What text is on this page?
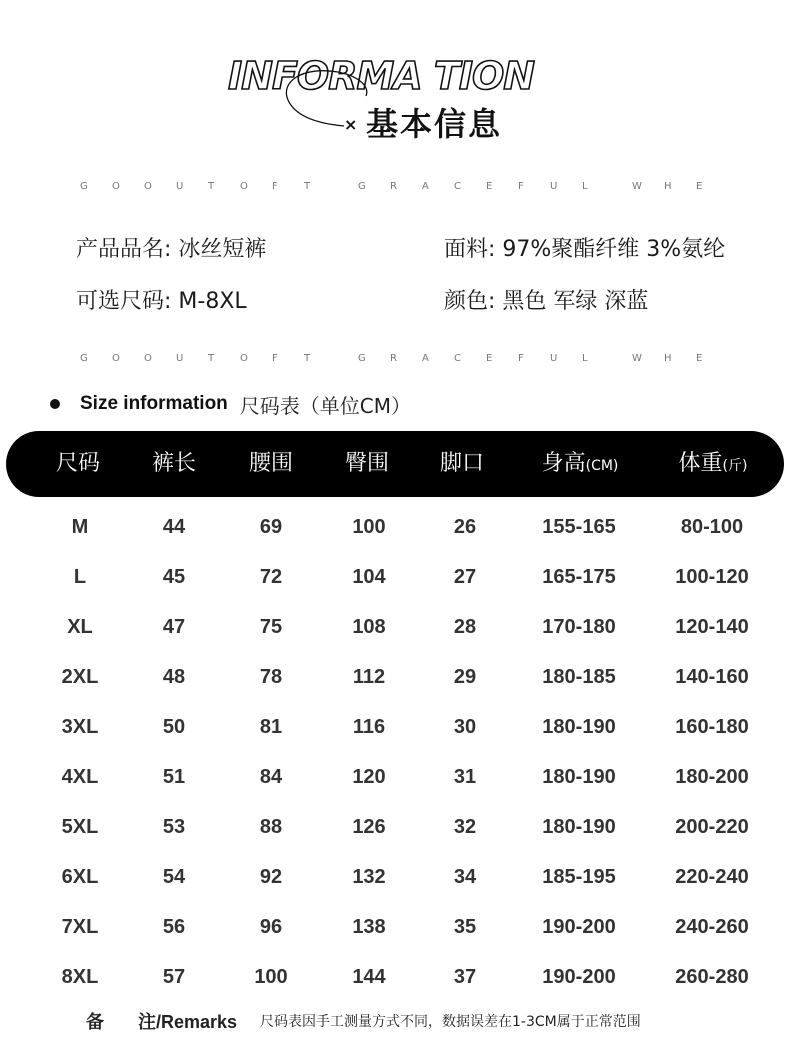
INFORMA TION
× 基本信息
G O O U T	O F	T	G R	A	C	E	F	U L	W H E
G O O U T	O F	T	G R	A	C	E	F	U L	W H E
产品品名: 冰丝短裤	面料: 97%聚酯纤维 3%氨纶
可选尺码: M-8XL	颜色: 黑色 军绿 深蓝
Size information 尺码表（单位CM）
尺码	裤长	腰围	臀围	脚口	身高(CM)	体重(斤)
M	44	69	100	26	155-165	80-100
L	45	72	104	27	165-175	100-120
XL	47	75	108	28	170-180	120-140
2XL	48	78	112	29	180-185	140-160
3XL	50	81	116	30	180-190	160-180
4XL	51	84	120	31	180-190	180-200
5XL	53	88	126	32	180-190	200-220
6XL	54	92	132	34	185-195	220-240
7XL	56	96	138	35	190-200	240-260
8XL	57	100	144	37	190-200	260-280
备 注/Remarks 尺码表因手工测量方式不同，数据误差在1-3CM属于正常范围
